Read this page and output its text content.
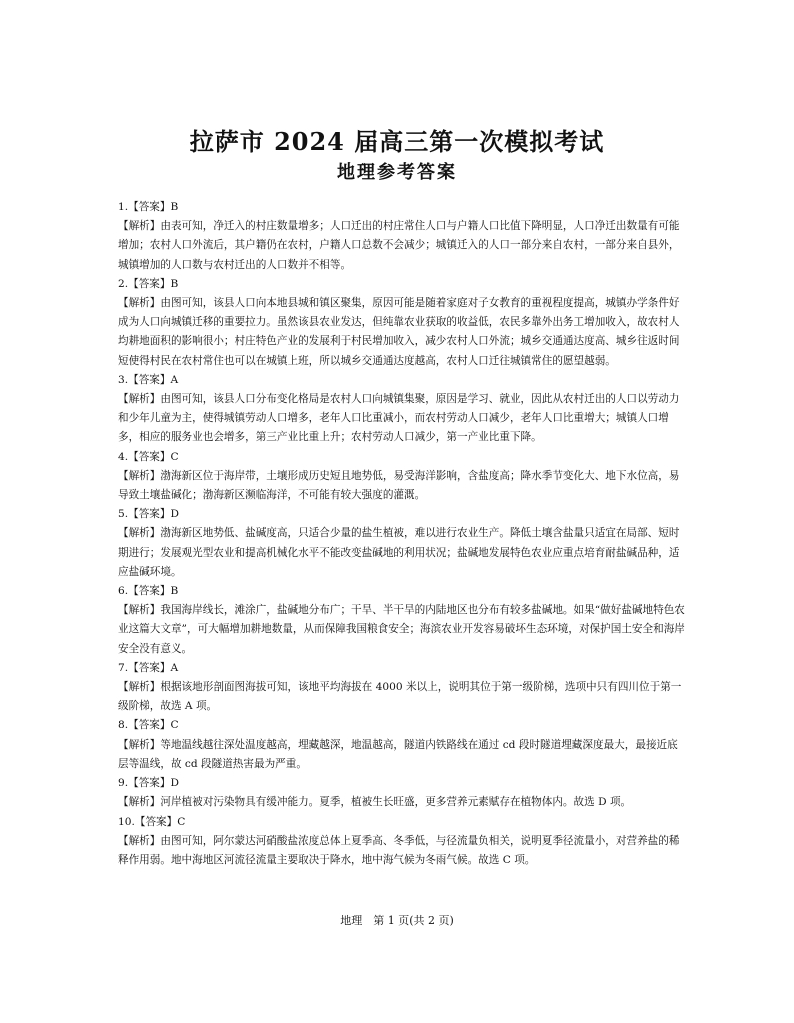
拉萨市 2024 届高三第一次模拟考试
地理参考答案

1.【答案】B

【解析】由表可知，净迁入的村庄数量增多；人口迁出的村庄常住人口与户籍人口比值下降明显，人口净迁出数量有可能增加；农村人口外流后，其户籍仍在农村，户籍人口总数不会减少；城镇迁入的人口一部分来自农村，一部分来自县外，城镇增加的人口数与农村迁出的人口数并不相等。

2.【答案】B

【解析】由图可知，该县人口向本地县城和镇区聚集，原因可能是随着家庭对子女教育的重视程度提高，城镇办学条件好成为人口向城镇迁移的重要拉力。虽然该县农业发达，但纯靠农业获取的收益低，农民多靠外出务工增加收入，故农村人均耕地面积的影响很小；村庄特色产业的发展利于村民增加收入，减少农村人口外流；城乡交通通达度高、城乡往返时间短使得村民在农村常住也可以在城镇上班，所以城乡交通通达度越高，农村人口迁往城镇常住的愿望越弱。

3.【答案】A

【解析】由图可知，该县人口分布变化格局是农村人口向城镇集聚，原因是学习、就业，因此从农村迁出的人口以劳动力和少年儿童为主，使得城镇劳动人口增多，老年人口比重减小，而农村劳动人口减少，老年人口比重增大；城镇人口增多，相应的服务业也会增多，第三产业比重上升；农村劳动人口减少，第一产业比重下降。

4.【答案】C

【解析】渤海新区位于海岸带，土壤形成历史短且地势低，易受海洋影响，含盐度高；降水季节变化大、地下水位高，易导致土壤盐碱化；渤海新区濒临海洋，不可能有较大强度的灌溉。

5.【答案】D

【解析】渤海新区地势低、盐碱度高，只适合少量的盐生植被，难以进行农业生产。降低土壤含盐量只适宜在局部、短时期进行；发展观光型农业和提高机械化水平不能改变盐碱地的利用状况；盐碱地发展特色农业应重点培育耐盐碱品种，适应盐碱环境。

6.【答案】B

【解析】我国海岸线长，滩涂广，盐碱地分布广；干旱、半干旱的内陆地区也分布有较多盐碱地。如果“做好盐碱地特色农业这篇大文章”，可大幅增加耕地数量，从而保障我国粮食安全；海滨农业开发容易破坏生态环境，对保护国土安全和海岸安全没有意义。

7.【答案】A

【解析】根据该地形剖面图海拔可知，该地平均海拔在 4000 米以上，说明其位于第一级阶梯，选项中只有四川位于第一级阶梯，故选 A 项。

8.【答案】C

【解析】等地温线越往深处温度越高，埋藏越深，地温越高，隧道内铁路线在通过 cd 段时隧道埋藏深度最大，最接近底层等温线，故 cd 段隧道热害最为严重。

9.【答案】D

【解析】河岸植被对污染物具有缓冲能力。夏季，植被生长旺盛，更多营养元素赋存在植物体内。故选 D 项。

10.【答案】C

【解析】由图可知，阿尔蒙达河硝酸盐浓度总体上夏季高、冬季低，与径流量负相关，说明夏季径流量小，对营养盐的稀释作用弱。地中海地区河流径流量主要取决于降水，地中海气候为冬雨气候。故选 C 项。

地理　第 1 页(共 2 页)
